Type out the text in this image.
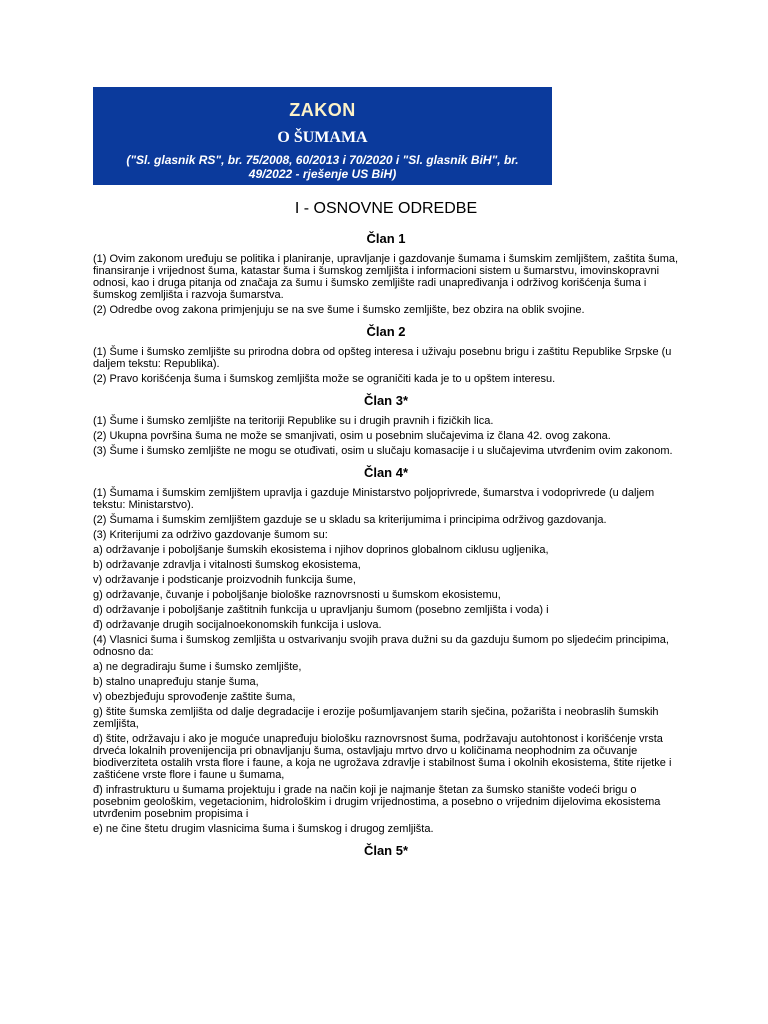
ZAKON
O ŠUMAMA
("Sl. glasnik RS", br. 75/2008, 60/2013 i 70/2020 i "Sl. glasnik BiH", br. 49/2022 - rješenje US BiH)
I - OSNOVNE ODREDBE
Član 1

(1) Ovim zakonom uređuju se politika i planiranje, upravljanje i gazdovanje šumama i šumskim zemljištem, zaštita šuma, finansiranje i vrijednost šuma, katastar šuma i šumskog zemljišta i informacioni sistem u šumarstvu, imovinskopravni odnosi, kao i druga pitanja od značaja za šumu i šumsko zemljište radi unapređivanja i održivog korišćenja šuma i šumskog zemljišta i razvoja šumarstva.

(2) Odredbe ovog zakona primjenjuju se na sve šume i šumsko zemljište, bez obzira na oblik svojine.

Član 2

(1) Šume i šumsko zemljište su prirodna dobra od opšteg interesa i uživaju posebnu brigu i zaštitu Republike Srpske (u daljem tekstu: Republika).

(2) Pravo korišćenja šuma i šumskog zemljišta može se ograničiti kada je to u opštem interesu.

Član 3*

(1) Šume i šumsko zemljište na teritoriji Republike su i drugih pravnih i fizičkih lica.

(2) Ukupna površina šuma ne može se smanjivati, osim u posebnim slučajevima iz člana 42. ovog zakona.

(3) Šume i šumsko zemljište ne mogu se otuđivati, osim u slučaju komasacije i u slučajevima utvrđenim ovim zakonom.

Član 4*

(1) Šumama i šumskim zemljištem upravlja i gazduje Ministarstvo poljoprivrede, šumarstva i vodoprivrede (u daljem tekstu: Ministarstvo).

(2) Šumama i šumskim zemljištem gazduje se u skladu sa kriterijumima i principima održivog gazdovanja.

(3) Kriterijumi za održivo gazdovanje šumom su:

a) održavanje i poboljšanje šumskih ekosistema i njihov doprinos globalnom ciklusu ugljenika,

b) održavanje zdravlja i vitalnosti šumskog ekosistema,

v) održavanje i podsticanje proizvodnih funkcija šume,

g) održavanje, čuvanje i poboljšanje biološke raznovrsnosti u šumskom ekosistemu,

d) održavanje i poboljšanje zaštitnih funkcija u upravljanju šumom (posebno zemljišta i voda) i

đ) održavanje drugih socijalnoekonomskih funkcija i uslova.

(4) Vlasnici šuma i šumskog zemljišta u ostvarivanju svojih prava dužni su da gazduju šumom po sljedećim principima, odnosno da:

a) ne degradiraju šume i šumsko zemljište,

b) stalno unapređuju stanje šuma,

v) obezbjeđuju sprovođenje zaštite šuma,

g) štite šumska zemljišta od dalje degradacije i erozije pošumljavanjem starih sječina, požarišta i neobraslih šumskih zemljišta,

d) štite, održavaju i ako je moguće unapređuju biološku raznovrsnost šuma, podržavaju autohtonost i korišćenje vrsta drveća lokalnih provenijencija pri obnavljanju šuma, ostavljaju mrtvo drvo u količinama neophodnim za očuvanje biodiverziteta ostalih vrsta flore i faune, a koja ne ugrožava zdravlje i stabilnost šuma i okolnih ekosistema, štite rijetke i zaštićene vrste flore i faune u šumama,

đ) infrastrukturu u šumama projektuju i grade na način koji je najmanje štetan za šumsko stanište vodeći brigu o posebnim geološkim, vegetacionim, hidrološkim i drugim vrijednostima, a posebno o vrijednim dijelovima ekosistema utvrđenim posebnim propisima i

e) ne čine štetu drugim vlasnicima šuma i šumskog i drugog zemljišta.

Član 5*
